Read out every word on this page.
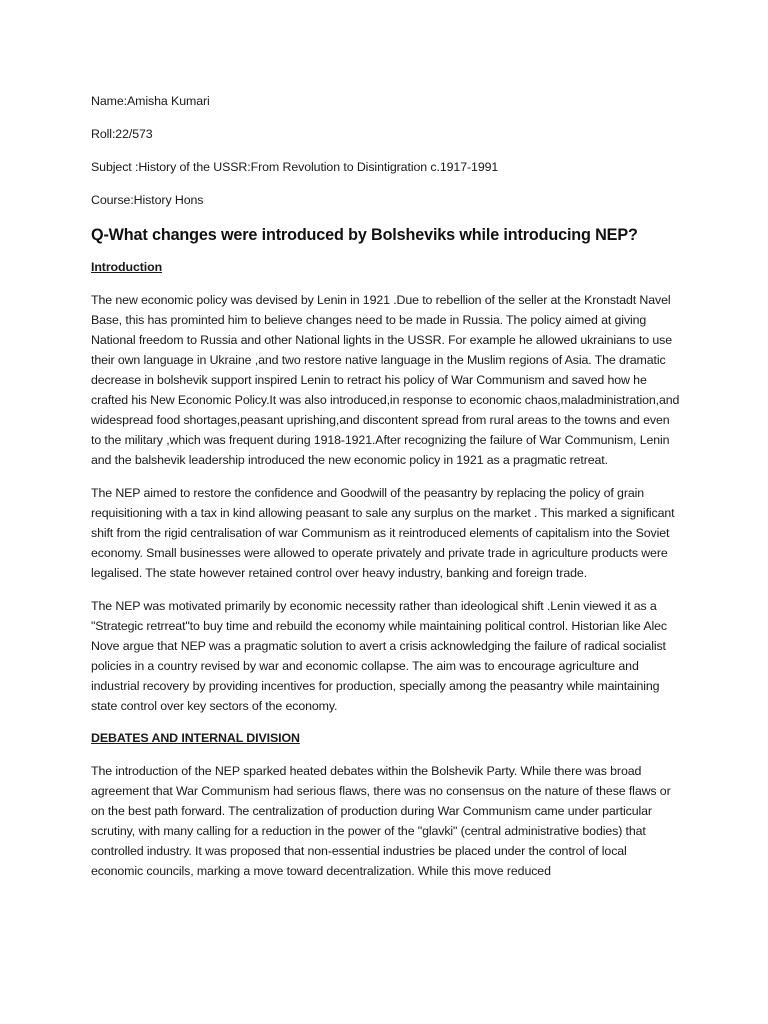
Name:Amisha Kumari

Roll:22/573

Subject :History of the USSR:From Revolution to Disintigration c.1917-1991

Course:History Hons

Q-What changes were introduced by Bolsheviks while introducing NEP?
Introduction

The new economic policy was devised by Lenin in 1921 .Due to rebellion of the seller at the Kronstadt Navel Base, this has prominted him to believe changes need to be made in Russia. The policy aimed at giving National freedom to Russia and other National lights in the USSR. For example he allowed ukrainians to use their own language in Ukraine ,and two restore native language in the Muslim regions of Asia. The dramatic decrease in bolshevik support inspired Lenin to retract his policy of War Communism and saved how he crafted his New Economic Policy.It was also introduced,in response to economic chaos,maladministration,and widespread food shortages,peasant uprishing,and discontent spread from rural areas to the towns and even to the military ,which was frequent during 1918-1921.After recognizing the failure of War Communism, Lenin and the balshevik leadership introduced the new economic policy in 1921 as a pragmatic retreat.

The NEP aimed to restore the confidence and Goodwill of the peasantry by replacing the policy of grain requisitioning with a tax in kind allowing peasant to sale any surplus on the market . This marked a significant shift from the rigid centralisation of war Communism as it reintroduced elements of capitalism into the Soviet economy. Small businesses were allowed to operate privately and private trade in agriculture products were legalised. The state however retained control over heavy industry, banking and foreign trade.

The NEP was motivated primarily by economic necessity rather than ideological shift .Lenin viewed it as a "Strategic retrreat"to buy time and rebuild the economy while maintaining political control. Historian like Alec Nove argue that NEP was a pragmatic solution to avert a crisis acknowledging the failure of radical socialist policies in a country revised by war and economic collapse. The aim was to encourage agriculture and industrial recovery by providing incentives for production, specially among the peasantry while maintaining state control over key sectors of the economy.

DEBATES AND INTERNAL DIVISION

The introduction of the NEP sparked heated debates within the Bolshevik Party. While there was broad agreement that War Communism had serious flaws, there was no consensus on the nature of these flaws or on the best path forward. The centralization of production during War Communism came under particular scrutiny, with many calling for a reduction in the power of the "glavki" (central administrative bodies) that controlled industry. It was proposed that non-essential industries be placed under the control of local economic councils, marking a move toward decentralization. While this move reduced
